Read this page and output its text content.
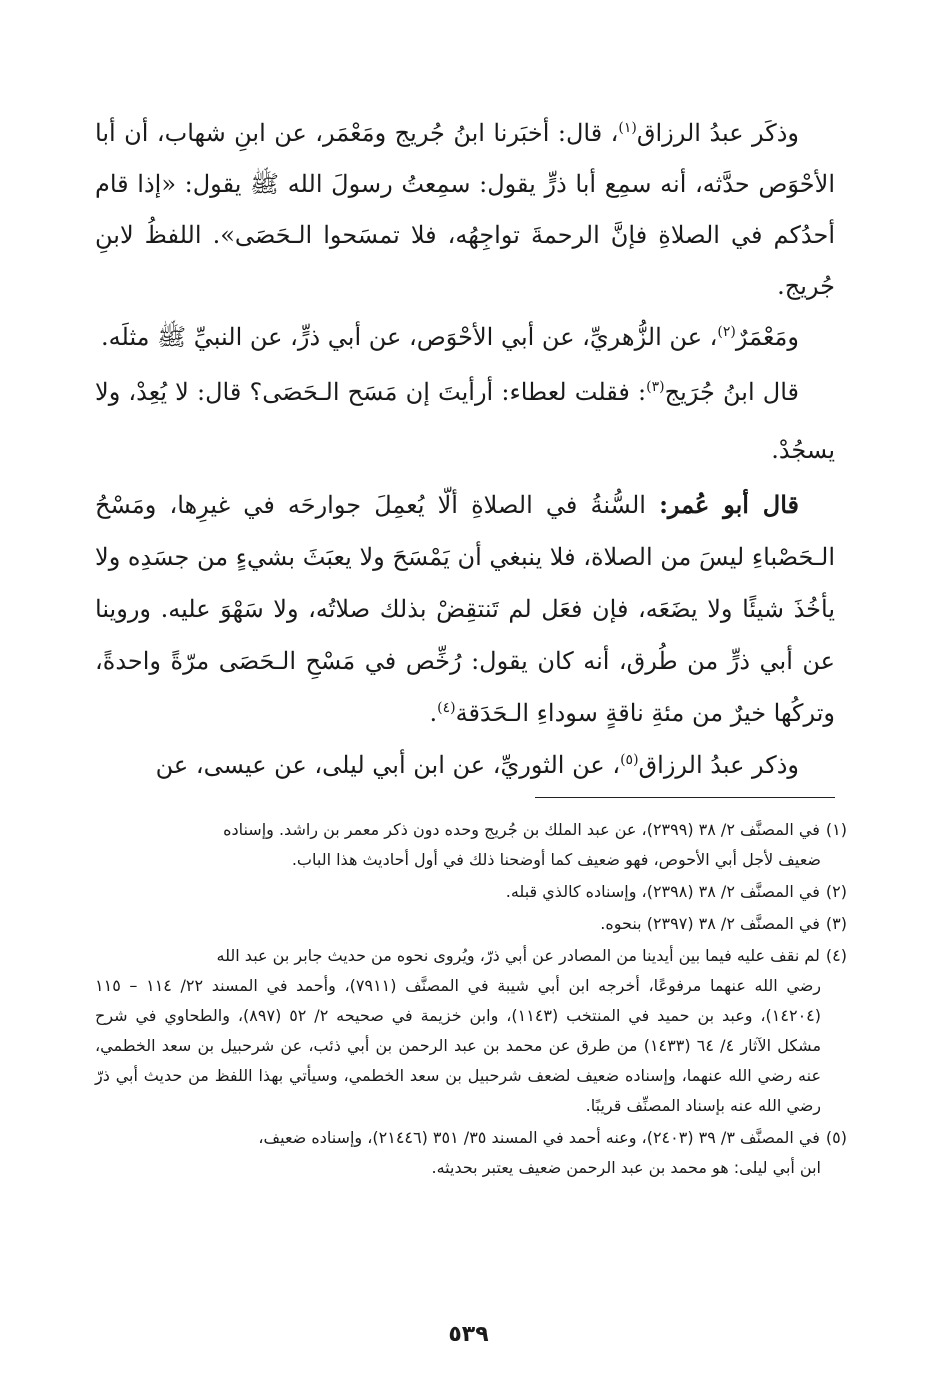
وذكَر عبدُ الرزاق$^{(١)}$، قال: أخبَرنا ابنُ جُريج ومَعْمَر، عن ابنِ شهاب، أن أبا الأحْوَص حدَّثه، أنه سمِع أبا ذرٍّ يقول: سمِعتُ رسولَ الله ﷺ يقول: «إذا قام أحدُكم في الصلاةِ فإنَّ الرحمةَ تواجِهُه، فلا تمسَحوا الـحَصَى». اللفظُ لابنِ جُريج.

ومَعْمَرٌ$^{(٢)}$، عن الزُّهريِّ، عن أبي الأحْوَص، عن أبي ذرٍّ، عن النبيِّ ﷺ مثلَه.

قال ابنُ جُرَيج$^{(٣)}$: فقلت لعطاء: أرأيتَ إن مَسَح الـحَصَى؟ قال: لا يُعِدْ، ولا يسجُدْ.

قال أبو عُمر: السُّنةُ في الصلاةِ ألّا يُعمِلَ جوارحَه في غيرِها، ومَسْحُ الـحَصْباءِ ليسَ من الصلاة، فلا ينبغي أن يَمْسَحَ ولا يعبَثَ بشيءٍ من جسَدِه ولا يأخُذَ شيئًا ولا يضَعَه، فإن فعَل لم تَنتقِضْ بذلك صلاتُه، ولا سَهْوَ عليه. وروينا عن أبي ذرٍّ من طُرق، أنه كان يقول: رُخِّص في مَسْحِ الـحَصَى مرّةً واحدةً، وتركُها خيرٌ من مئةِ ناقةٍ سوداءِ الـحَدَقة$^{(٤)}$.

وذكر عبدُ الرزاق$^{(٥)}$، عن الثوريِّ، عن ابن أبي ليلى، عن عيسى، عن

(١)في المصنَّف ٢/ ٣٨ (٢٣٩٩)، عن عبد الملك بن جُريج وحده دون ذكر معمر بن راشد. وإسناده
ضعيف لأجل أبي الأحوص، فهو ضعيف كما أوضحنا ذلك في أول أحاديث هذا الباب.

(٢)في المصنَّف ٢/ ٣٨ (٢٣٩٨)، وإسناده كالذي قبله.

(٣)في المصنَّف ٢/ ٣٨ (٢٣٩٧) بنحوه.

(٤)لم نقف عليه فيما بين أيدينا من المصادر عن أبي ذرّ، ويُروى نحوه من حديث جابر بن عبد الله
رضي الله عنهما مرفوعًا، أخرجه ابن أبي شيبة في المصنَّف (٧٩١١)، وأحمد في المسند ٢٢/ ١١٤ – ١١٥ (١٤٢٠٤)، وعبد بن حميد في المنتخب (١١٤٣)، وابن خزيمة في صحيحه ٢/ ٥٢ (٨٩٧)، والطحاوي في شرح مشكل الآثار ٤/ ٦٤ (١٤٣٣) من طرق عن محمد بن عبد الرحمن بن أبي ذئب، عن شرحبيل بن سعد الخطمي، عنه رضي الله عنهما، وإسناده ضعيف لضعف شرحبيل بن سعد الخطمي، وسيأتي بهذا اللفظ من حديث أبي ذرّ رضي الله عنه بإسناد المصنِّف قريبًا.

(٥)في المصنَّف ٣/ ٣٩ (٢٤٠٣)، وعنه أحمد في المسند ٣٥/ ٣٥١ (٢١٤٤٦)، وإسناده ضعيف،
ابن أبي ليلى: هو محمد بن عبد الرحمن ضعيف يعتبر بحديثه.

٥٣٩
